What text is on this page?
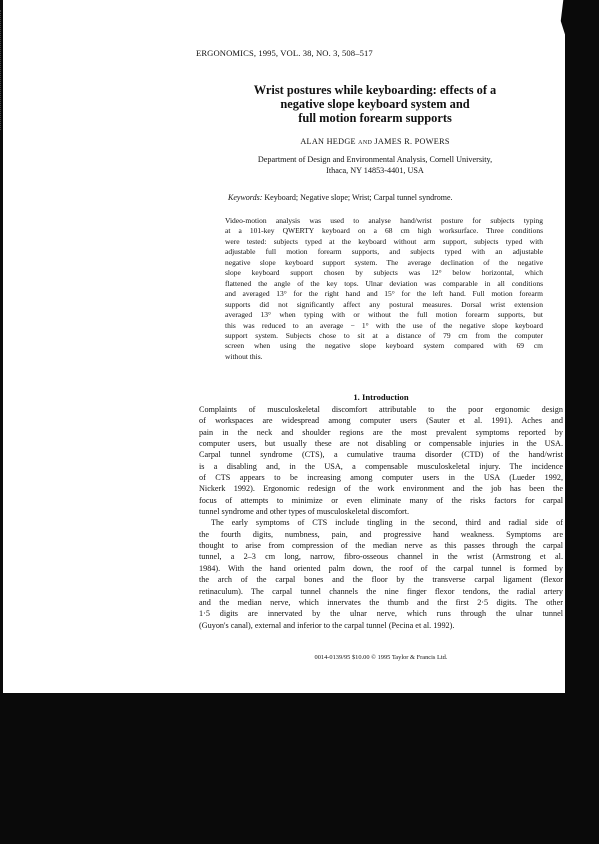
ERGONOMICS, 1995, VOL. 38, NO. 3, 508–517
Wrist postures while keyboarding: effects of a
negative slope keyboard system and
full motion forearm supports
ALAN HEDGE and JAMES R. POWERS
Department of Design and Environmental Analysis, Cornell University,
Ithaca, NY 14853-4401, USA
Keywords: Keyboard; Negative slope; Wrist; Carpal tunnel syndrome.
Video-motion analysis was used to analyse hand/wrist posture for subjects typing
at a 101-key QWERTY keyboard on a 68 cm high worksurface. Three conditions
were tested: subjects typed at the keyboard without arm support, subjects typed with
adjustable full motion forearm supports, and subjects typed with an adjustable
negative slope keyboard support system. The average declination of the negative
slope keyboard support chosen by subjects was 12° below horizontal, which
flattened the angle of the key tops. Ulnar deviation was comparable in all conditions
and averaged 13° for the right hand and 15° for the left hand. Full motion forearm
supports did not significantly affect any postural measures. Dorsal wrist extension
averaged 13° when typing with or without the full motion forearm supports, but
this was reduced to an average − 1° with the use of the negative slope keyboard
support system. Subjects chose to sit at a distance of 79 cm from the computer
screen when using the negative slope keyboard system compared with 69 cm
without this.
1. Introduction
Complaints of musculoskeletal discomfort attributable to the poor ergonomic design
of workspaces are widespread among computer users (Sauter et al. 1991). Aches and
pain in the neck and shoulder regions are the most prevalent symptoms reported by
computer users, but usually these are not disabling or compensable injuries in the USA.
Carpal tunnel syndrome (CTS), a cumulative trauma disorder (CTD) of the hand/wrist
is a disabling and, in the USA, a compensable musculoskeletal injury. The incidence
of CTS appears to be increasing among computer users in the USA (Lueder 1992,
Nickerk 1992). Ergonomic redesign of the work environment and the job has been the
focus of attempts to minimize or even eliminate many of the risks factors for carpal
tunnel syndrome and other types of musculoskeletal discomfort.
The early symptoms of CTS include tingling in the second, third and radial side of
the fourth digits, numbness, pain, and progressive hand weakness. Symptoms are
thought to arise from compression of the median nerve as this passes through the carpal
tunnel, a 2–3 cm long, narrow, fibro-osseous channel in the wrist (Armstrong et al.
1984). With the hand oriented palm down, the roof of the carpal tunnel is formed by
the arch of the carpal bones and the floor by the transverse carpal ligament (flexor
retinaculum). The carpal tunnel channels the nine finger flexor tendons, the radial artery
and the median nerve, which innervates the thumb and the first 2·5 digits. The other
1·5 digits are innervated by the ulnar nerve, which runs through the ulnar tunnel
(Guyon's canal), external and inferior to the carpal tunnel (Pecina et al. 1992).
0014-0139/95 $10.00 © 1995 Taylor & Francis Ltd.
